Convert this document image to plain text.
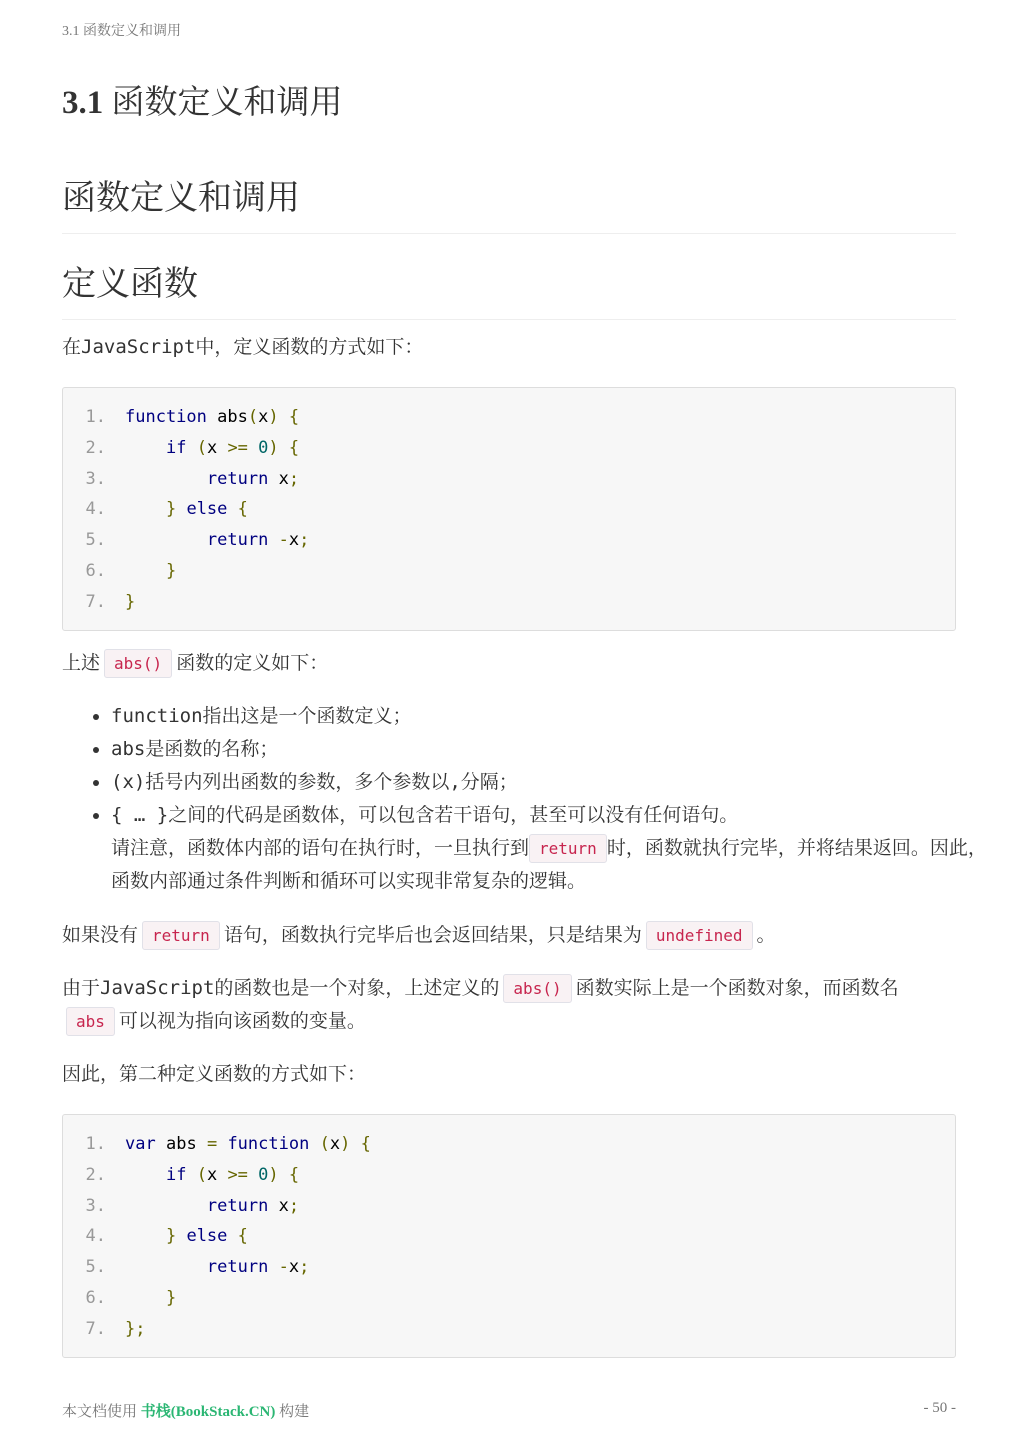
3.1 函数定义和调用
3.1 函数定义和调用
函数定义和调用
定义函数

在JavaScript中，定义函数的方式如下：

1. function abs(x) {
2.	if (x >= 0) {
3.	return x;
4.	} else {
5.	return -x;
6.	}
7. }

上述 abs() 函数的定义如下：

• function指出这是一个函数定义；
• abs是函数的名称；
• (x)括号内列出函数的参数，多个参数以,分隔；
• { … }之间的代码是函数体，可以包含若干语句，甚至可以没有任何语句。
请注意，函数体内部的语句在执行时，一旦执行到 return 时，函数就执行完毕，并将结果返回。因此，函数内部通过条件判断和循环可以实现非常复杂的逻辑。

如果没有 return 语句，函数执行完毕后也会返回结果，只是结果为 undefined 。

由于JavaScript的函数也是一个对象，上述定义的 abs() 函数实际上是一个函数对象，而函数名abs 可以视为指向该函数的变量。

因此，第二种定义函数的方式如下：

1. var abs = function (x) {
2.	if (x >= 0) {
3.	return x;
4.	} else {
5.	return -x;
6.	}
7. };
本文档使用 书栈(BookStack.CN) 构建	- 50 -
